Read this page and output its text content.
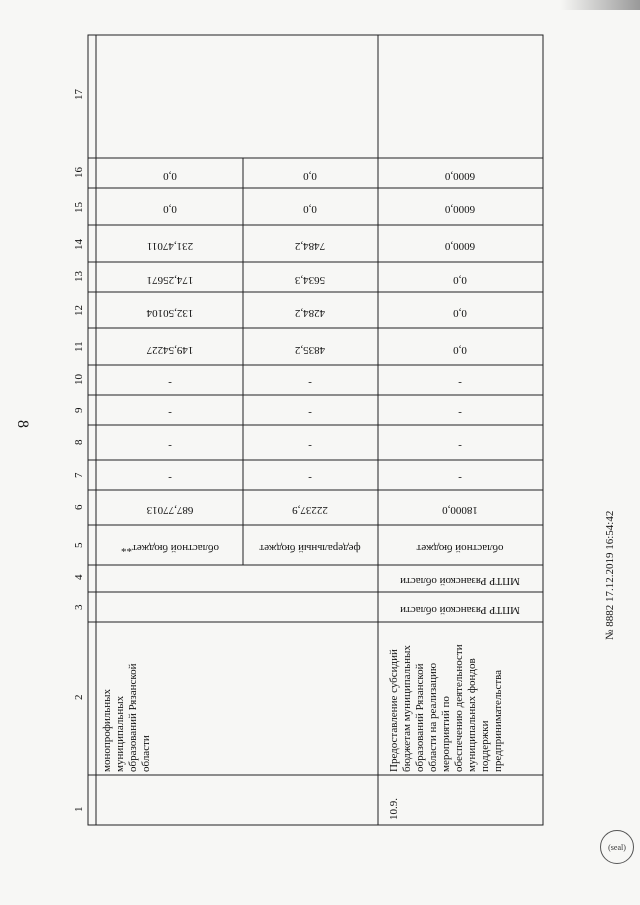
8
№ 8882 17.12.2019 16:54:42
(seal)
1
2
3
4
5
6
7
8
9
10
11
12
13
14
15
16
17
монопрофильных муниципальных образований Рязанской области
областной бюджет**
687,77013
-
-
-
-
149,54227
132,50104
174,25671
231,47011
0,0
0,0
федеральный бюджет
22237,9
-
-
-
-
4835,2
4284,2
5634,3
7484,2
0,0
0,0
10.9.
Предоставление субсидий бюджетам муниципальных образований Рязанской области на реализацию мероприятий по обеспечению деятельности муниципальных фондов поддержки предпринимательства
МПТР Рязанской области
МПТР Рязанской области
областной бюджет
18000,0
-
-
-
-
0,0
0,0
0,0
6000,0
6000,0
6000,0
